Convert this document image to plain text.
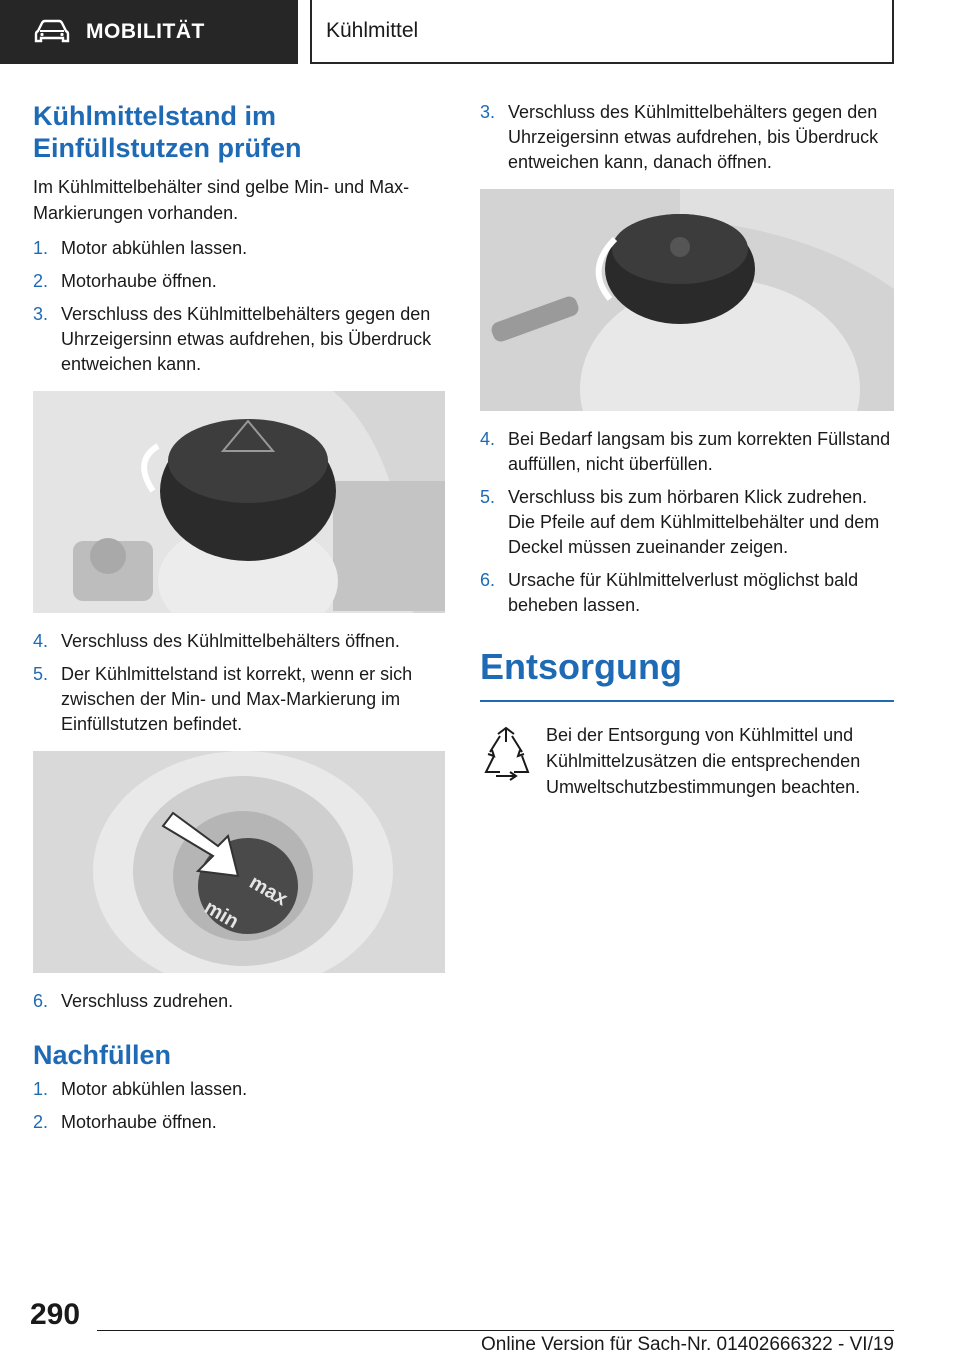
MOBILITÄT	Kühlmittel
Kühlmittelstand im Einfüllstutzen prüfen

Im Kühlmittelbehälter sind gelbe Min- und Max-Markierungen vorhanden.

1. Motor abkühlen lassen.
2. Motorhaube öffnen.
3. Verschluss des Kühlmittelbehälters gegen den Uhrzeigersinn etwas aufdrehen, bis Überdruck entweichen kann.
4. Verschluss des Kühlmittelbehälters öffnen.
5. Der Kühlmittelstand ist korrekt, wenn er sich zwischen der Min- und Max-Markierung im Einfüllstutzen befindet.
max
min
6. Verschluss zudrehen.
Nachfüllen
1. Motor abkühlen lassen.
2. Motorhaube öffnen.
3. Verschluss des Kühlmittelbehälters gegen den Uhrzeigersinn etwas aufdrehen, bis Überdruck entweichen kann, danach öffnen.
4. Bei Bedarf langsam bis zum korrekten Füllstand auffüllen, nicht überfüllen.
5. Verschluss bis zum hörbaren Klick zudrehen. Die Pfeile auf dem Kühlmittelbehälter und dem Deckel müssen zueinander zeigen.
6. Ursache für Kühlmittelverlust möglichst bald beheben lassen.
Entsorgung
Bei der Entsorgung von Kühlmittel und Kühlmittelzusätzen die entsprechenden Umweltschutzbestimmungen beachten.
290
Online Version für Sach-Nr. 01402666322 - VI/19
